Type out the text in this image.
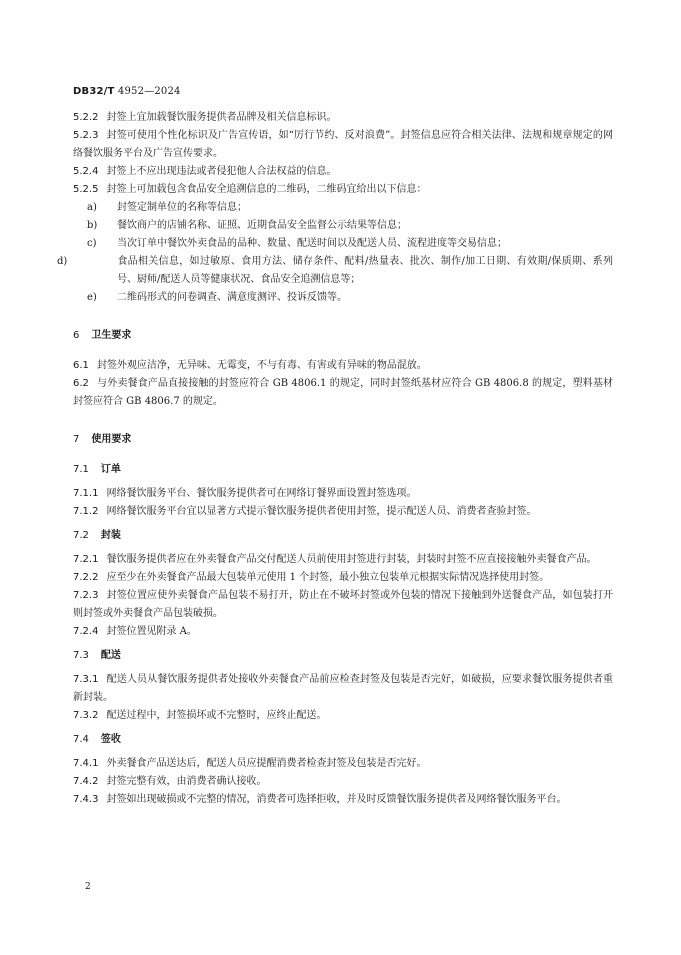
DB32/T 4952—2024

5.2.2 封签上宜加载餐饮服务提供者品牌及相关信息标识。

5.2.3 封签可使用个性化标识及广告宣传语，如“厉行节约、反对浪费”。封签信息应符合相关法律、法规和规章规定的网络餐饮服务平台及广告宣传要求。

5.2.4 封签上不应出现违法或者侵犯他人合法权益的信息。

5.2.5 封签上可加载包含食品安全追溯信息的二维码，二维码宜给出以下信息：

a) 封签定制单位的名称等信息；

b) 餐饮商户的店铺名称、证照、近期食品安全监督公示结果等信息；

c) 当次订单中餐饮外卖食品的品种、数量、配送时间以及配送人员、流程进度等交易信息；

d)	食品相关信息，如过敏原、食用方法、储存条件、配料/热量表、批次、制作/加工日期、有效期/保质期、系列号、厨师/配送人员等健康状况、食品安全追溯信息等；

e) 二维码形式的问卷调查、满意度测评、投诉反馈等。

6 卫生要求

6.1 封签外观应洁净，无异味、无霉变，不与有毒、有害或有异味的物品混放。

6.2 与外卖餐食产品直接接触的封签应符合 GB 4806.1 的规定，同时封签纸基材应符合 GB 4806.8 的规定，塑料基材封签应符合 GB 4806.7 的规定。

7 使用要求

7.1 订单

7.1.1 网络餐饮服务平台、餐饮服务提供者可在网络订餐界面设置封签选项。

7.1.2 网络餐饮服务平台宜以显著方式提示餐饮服务提供者使用封签，提示配送人员、消费者查验封签。

7.2 封装

7.2.1 餐饮服务提供者应在外卖餐食产品交付配送人员前使用封签进行封装，封装时封签不应直接接触外卖餐食产品。

7.2.2 应至少在外卖餐食产品最大包装单元使用 1 个封签，最小独立包装单元根据实际情况选择使用封签。

7.2.3 封签位置应使外卖餐食产品包装不易打开，防止在不破坏封签或外包装的情况下接触到外送餐食产品，如包装打开则封签或外卖餐食产品包装破损。

7.2.4 封签位置见附录 A。

7.3 配送

7.3.1 配送人员从餐饮服务提供者处接收外卖餐食产品前应检查封签及包装是否完好，如破损，应要求餐饮服务提供者重新封装。

7.3.2 配送过程中，封签损坏或不完整时，应终止配送。

7.4 签收

7.4.1 外卖餐食产品送达后，配送人员应提醒消费者检查封签及包装是否完好。

7.4.2 封签完整有效，由消费者确认接收。

7.4.3 封签如出现破损或不完整的情况，消费者可选择拒收，并及时反馈餐饮服务提供者及网络餐饮服务平台。

2
